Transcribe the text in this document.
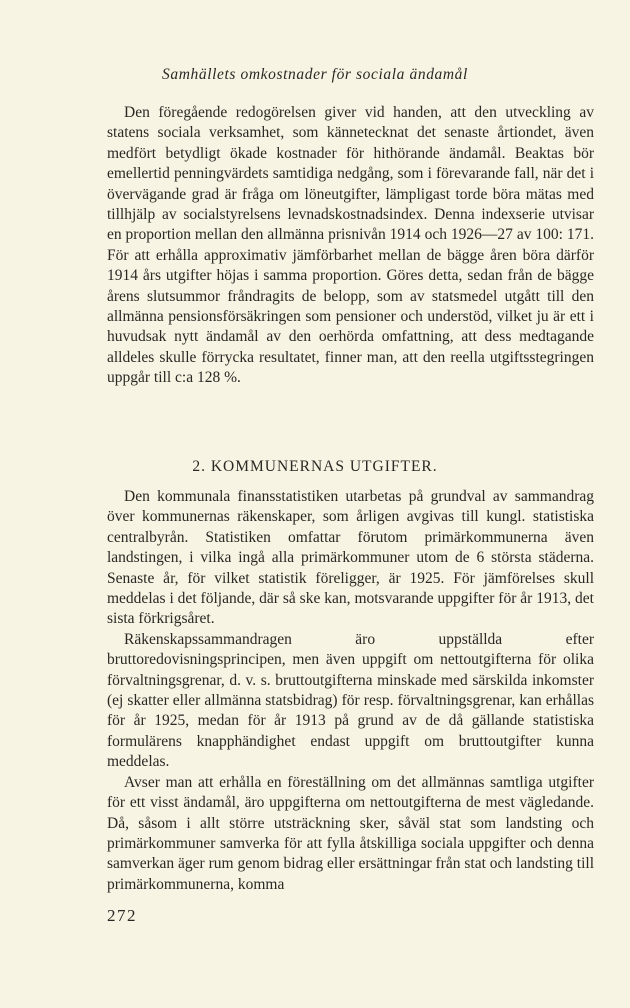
Samhällets omkostnader för sociala ändamål

Den föregående redogörelsen giver vid handen, att den utveckling av statens sociala verksamhet, som kännetecknat det senaste årtiondet, även medfört betydligt ökade kostnader för hithörande ändamål. Beaktas bör emellertid penningvärdets samtidiga nedgång, som i förevarande fall, när det i övervägande grad är fråga om löneutgifter, lämpligast torde böra mätas med tillhjälp av socialstyrelsens levnadskostnadsindex. Denna indexserie utvisar en proportion mellan den allmänna prisnivån 1914 och 1926—27 av 100: 171. För att erhålla approximativ jämförbarhet mellan de bägge åren böra därför 1914 års utgifter höjas i samma proportion. Göres detta, sedan från de bägge årens slutsummor fråndragits de belopp, som av statsmedel utgått till den allmänna pensionsförsäkringen som pensioner och understöd, vilket ju är ett i huvudsak nytt ändamål av den oerhörda omfattning, att dess medtagande alldeles skulle förrycka resultatet, finner man, att den reella utgiftsstegringen uppgår till c:a 128 %.

2. KOMMUNERNAS UTGIFTER.

Den kommunala finansstatistiken utarbetas på grundval av sammandrag över kommunernas räkenskaper, som årligen avgivas till kungl. statistiska centralbyrån. Statistiken omfattar förutom primärkommunerna även landstingen, i vilka ingå alla primärkommuner utom de 6 största städerna. Senaste år, för vilket statistik föreligger, är 1925. För jämförelses skull meddelas i det följande, där så ske kan, motsvarande uppgifter för år 1913, det sista förkrigsåret.

Räkenskapssammandragen äro uppställda efter bruttoredovisningsprincipen, men även uppgift om nettoutgifterna för olika förvaltningsgrenar, d. v. s. bruttoutgifterna minskade med särskilda inkomster (ej skatter eller allmänna statsbidrag) för resp. förvaltningsgrenar, kan erhållas för år 1925, medan för år 1913 på grund av de då gällande statistiska formulärens knapphändighet endast uppgift om bruttoutgifter kunna meddelas.

Avser man att erhålla en föreställning om det allmännas samtliga utgifter för ett visst ändamål, äro uppgifterna om nettoutgifterna de mest vägledande. Då, såsom i allt större utsträckning sker, såväl stat som landsting och primärkommuner samverka för att fylla åtskilliga sociala uppgifter och denna samverkan äger rum genom bidrag eller ersättningar från stat och landsting till primärkommunerna, komma

272
